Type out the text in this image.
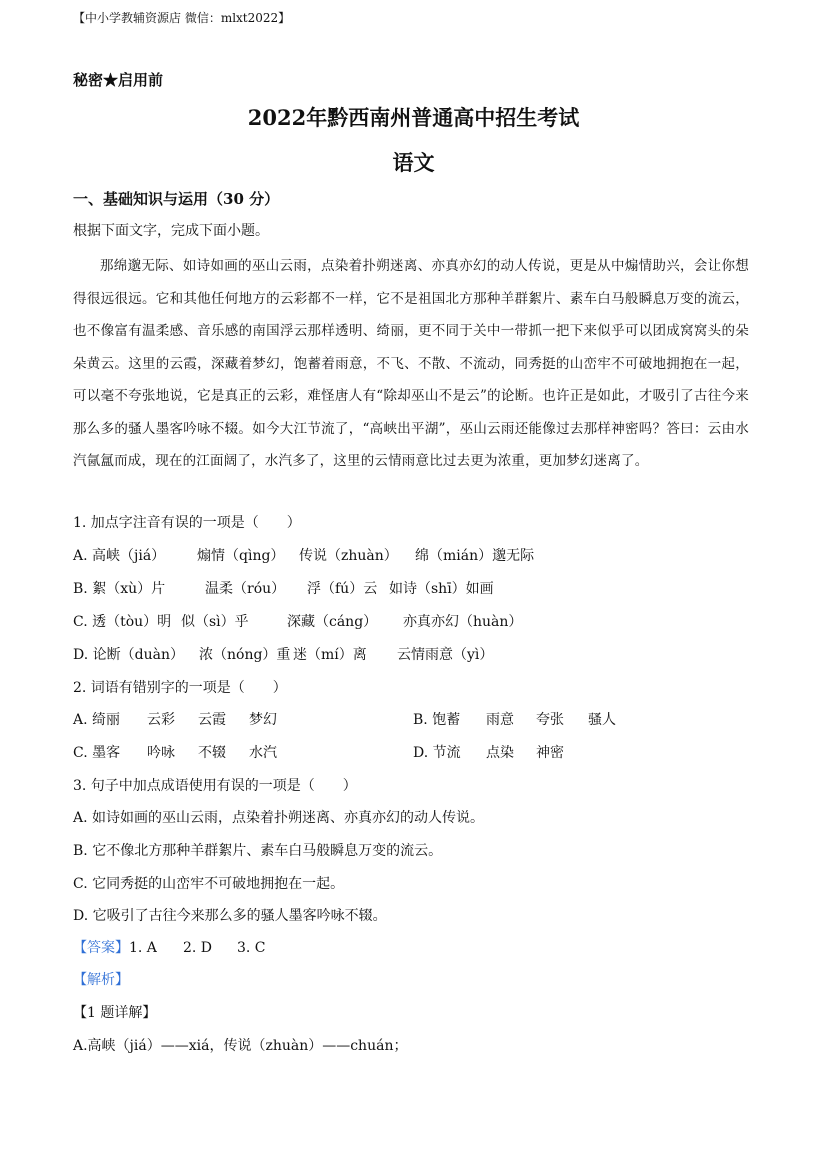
【中小学教辅资源店 微信：mlxt2022】
秘密★启用前
2022年黔西南州普通高中招生考试
语文
一、基础知识与运用（30 分）
根据下面文字，完成下面小题。

那绵邈无际、如诗如画的巫山云雨，点染着扑朔迷离、亦真亦幻的动人传说，更是从中煽情助兴，会让你想得很远很远。它和其他任何地方的云彩都不一样，它不是祖国北方那种羊群絮片、素车白马般瞬息万变的流云，也不像富有温柔感、音乐感的南国浮云那样透明、绮丽，更不同于关中一带抓一把下来似乎可以团成窝窝头的朵朵黄云。这里的云霞，深藏着梦幻，饱蓄着雨意，不飞、不散、不流动，同秀挺的山峦牢不可破地拥抱在一起，可以毫不夸张地说，它是真正的云彩，难怪唐人有“除却巫山不是云”的论断。也许正是如此，才吸引了古往今来那么多的骚人墨客吟咏不辍。如今大江节流了，“高峡出平湖”，巫山云雨还能像过去那样神密吗？答曰：云由水汽氤氲而成，现在的江面阔了，水汽多了，这里的云情雨意比过去更为浓重，更加梦幻迷离了。

1. 加点字注音有误的一项是（　　）
A. 高峡（jiá） 煽情（qìng） 传说（zhuàn） 绵（mián）邈无际
B. 絮（xù）片	温柔（róu） 浮（fú）云 如诗（shī）如画
C. 透（tòu）明 似（sì）乎	深藏（cáng） 亦真亦幻（huàn）
D. 论断（duàn） 浓（nóng）重 迷（mí）离 云情雨意（yì）
2. 词语有错别字的一项是（　　）
A. 绮丽 云彩 云霞 梦幻	B. 饱蓄 雨意 夸张 骚人
C. 墨客 吟咏 不辍 水汽	D. 节流 点染 神密
3. 句子中加点成语使用有误的一项是（　　）
A. 如诗如画的巫山云雨，点染着扑朔迷离、亦真亦幻的动人传说。
B. 它不像北方那种羊群絮片、素车白马般瞬息万变的流云。
C. 它同秀挺的山峦牢不可破地拥抱在一起。
D. 它吸引了古往今来那么多的骚人墨客吟咏不辍。
【答案】1. A 2. D 3. C
【解析】
【1 题详解】
A.高峡（jiá）——xiá，传说（zhuàn）——chuán；
